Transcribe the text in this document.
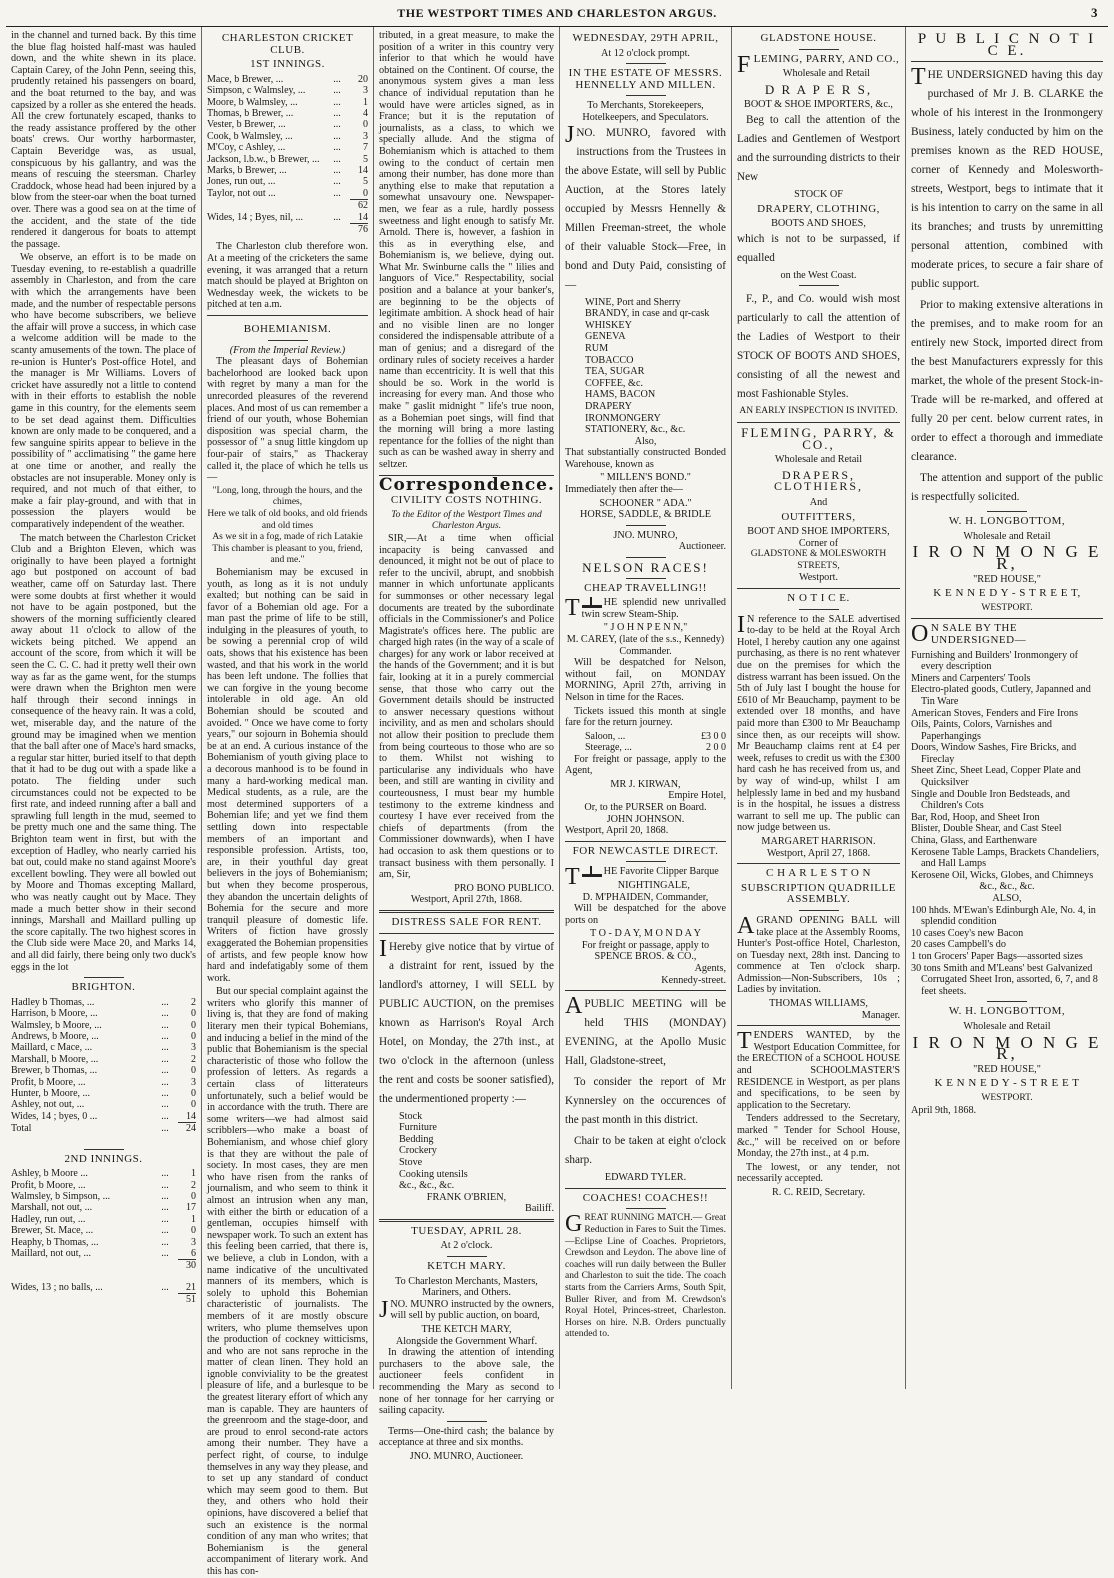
THE WESTPORT TIMES AND CHARLESTON ARGUS.	3

in the channel and turned back. By this time the blue flag hoisted half-mast was hauled down, and the white shewn in its place. Captain Carey, of the John Penn, seeing this, prudently retained his passengers on board, and the boat returned to the bay, and was capsized by a roller as she entered the heads. All the crew fortunately escaped, thanks to the ready assistance proffered by the other boats' crews. Our worthy harbormaster, Captain Beveridge was, as usual, conspicuous by his gallantry, and was the means of rescuing the steersman. Charley Craddock, whose head had been injured by a blow from the steer-oar when the boat turned over. There was a good sea on at the time of the accident, and the state of the tide rendered it dangerous for boats to attempt the passage.

We observe, an effort is to be made on Tuesday evening, to re-establish a quadrille assembly in Charleston, and from the care with which the arrangements have been made, and the number of respectable persons who have become subscribers, we believe the affair will prove a success, in which case a welcome addition will be made to the scanty amusements of the town. The place of re-union is Hunter's Post-office Hotel, and the manager is Mr Williams. Lovers of cricket have assuredly not a little to contend with in their efforts to establish the noble game in this country, for the elements seem to be set dead against them. Difficulties known are only made to be conquered, and a few sanguine spirits appear to believe in the possibility of " acclimatising " the game here at one time or another, and really the obstacles are not insuperable. Money only is required, and not much of that either, to make a fair play-ground, and with that in possession the players would be comparatively independent of the weather.

The match between the Charleston Cricket Club and a Brighton Eleven, which was originally to have been played a fortnight ago but postponed on account of bad weather, came off on Saturday last. There were some doubts at first whether it would not have to be again postponed, but the showers of the morning sufficiently cleared away about 11 o'clock to allow of the wickets being pitched. We append an account of the score, from which it will be seen the C. C. C. had it pretty well their own way as far as the game went, for the stumps were drawn when the Brighton men were half through their second innings in consequence of the heavy rain. It was a cold, wet, miserable day, and the nature of the ground may be imagined when we mention that the ball after one of Mace's hard smacks, a regular star hitter, buried itself to that depth that it had to be dug out with a spade like a potato. The fielding under such circumstances could not be expected to be first rate, and indeed running after a ball and sprawling full length in the mud, seemed to be pretty much one and the same thing. The Brighton team went in first, but with the exception of Hadley, who nearly carried his bat out, could make no stand against Moore's excellent bowling. They were all bowled out by Moore and Thomas excepting Mallard, who was neatly caught out by Mace. They made a much better show in their second innings, Marshall and Maillard pulling up the score capitally. The two highest scores in the Club side were Mace 20, and Marks 14, and all did fairly, there being only two duck's eggs in the lot

BRIGHTON.
Hadley b Thomas, ...	...	2
Harrison, b Moore, ...	...	0
Walmsley, b Moore, ...	...	0
Andrews, b Moore, ...	...	0
Maillard, c Mace, ...	...	3
Marshall, b Moore, ...	...	2
Brewer, b Thomas, ...	...	0
Profit, b Moore, ...	...	3
Hunter, b Moore, ...	...	0
Ashley, not out, ...	...	0
Wides, 14 ; byes, 0 ...	...	14
Total	...	24
2ND INNINGS.
Ashley, b Moore ...	...	1
Profit, b Moore, ...	...	2
Walmsley, b Simpson, ...	...	0
Marshall, not out, ...	...	17
Hadley, run out, ...	...	1
Brewer, St. Mace, ...	...	0
Heaphy, b Thomas, ...	...	3
Maillard, not out, ...	...	6
		30
Wides, 13 ; no balls, ...	...	21
		51
CHARLESTON CRICKET CLUB.
1ST INNINGS.
Mace, b Brewer, ...	...	20
Simpson, c Walmsley, ...	...	3
Moore, b Walmsley, ...	...	1
Thomas, b Brewer, ...	...	4
Vester, b Brewer, ...	...	0
Cook, b Walmsley, ...	...	3
M'Coy, c Ashley, ...	...	7
Jackson, l.b.w., b Brewer, ...	...	5
Marks, b Brewer, ...	...	14
Jones, run out, ...	...	5
Taylor, not out ...	...	0
		62
Wides, 14 ; Byes, nil, ...	...	14
		76

The Charleston club therefore won. At a meeting of the cricketers the same evening, it was arranged that a return match should be played at Brighton on Wednesday week, the wickets to be pitched at ten a.m.

BOHEMIANISM.
(From the Imperial Review.)

The pleasant days of Bohemian bachelorhood are looked back upon with regret by many a man for the unrecorded pleasures of the reverend places. And most of us can remember a friend of our youth, whose Bohemian disposition was special charm, the possessor of " a snug little kingdom up four-pair of stairs," as Thackeray called it, the place of which he tells us—

"Long, long, through the hours, and the chimes,
Here we talk of old books, and old friends and old times
As we sit in a fog, made of rich Latakie This chamber is pleasant to you, friend, and me."

Bohemianism may be excused in youth, as long as it is not unduly exalted; but nothing can be said in favor of a Bohemian old age. For a man past the prime of life to be still, indulging in the pleasures of youth, to be sowing a perennial crop of wild oats, shows that his existence has been wasted, and that his work in the world has been left undone. The follies that we can forgive in the young become intolerable in old age. An old Bohemian should be scouted and avoided. " Once we have come to forty years," our sojourn in Bohemia should be at an end. A curious instance of the Bohemianism of youth giving place to a decorous manhood is to be found in many a hard-working medical man. Medical students, as a rule, are the most determined supporters of a Bohemian life; and yet we find them settling down into respectable members of an important and responsible profession. Artists, too, are, in their youthful day great believers in the joys of Bohemianism; but when they become prosperous, they abandon the uncertain delights of Bohemia for the secure and more tranquil pleasure of domestic life. Writers of fiction have grossly exaggerated the Bohemian propensities of artists, and few people know how hard and indefatigably some of them work.

But our special complaint against the writers who glorify this manner of living is, that they are fond of making literary men their typical Bohemians, and inducing a belief in the mind of the public that Bohemianism is the special characteristic of those who follow the profession of letters. As regards a certain class of litterateurs unfortunately, such a belief would be in accordance with the truth. There are some writers—we had almost said scribblers—who make a boast of Bohemianism, and whose chief glory is that they are without the pale of society. In most cases, they are men who have risen from the ranks of journalism, and who seem to think it almost an intrusion when any man, with either the birth or education of a gentleman, occupies himself with newspaper work. To such an extent has this feeling been carried, that there is, we believe, a club in London, with a name indicative of the uncultivated manners of its members, which is solely to uphold this Bohemian characteristic of journalists. The members of it are mostly obscure writers, who plume themselves upon the production of cockney witticisms, and who are not sans reproche in the matter of clean linen. They hold an ignoble conviviality to be the greatest pleasure of life, and a burlesque to be the greatest literary effort of which any man is capable. They are haunters of the greenroom and the stage-door, and are proud to enrol second-rate actors among their number. They have a perfect right, of course, to indulge themselves in any way they please, and to set up any standard of conduct which may seem good to them. But they, and others who hold their opinions, have discovered a belief that such an existence is the normal condition of any man who writes; that Bohemianism is the general accompaniment of literary work. And this has con-

tributed, in a great measure, to make the position of a writer in this country very inferior to that which he would have obtained on the Continent. Of course, the anonymous system gives a man less chance of individual reputation than he would have were articles signed, as in France; but it is the reputation of journalists, as a class, to which we specially allude. And the stigma of Bohemianism which is attached to them owing to the conduct of certain men among their number, has done more than anything else to make that reputation a somewhat unsavoury one. Newspaper-men, we fear as a rule, hardly possess sweetness and light enough to satisfy Mr. Arnold. There is, however, a fashion in this as in everything else, and Bohemianism is, we believe, dying out. What Mr. Swinburne calls the " lilies and languors of Vice." Respectability, social position and a balance at your banker's, are beginning to be the objects of legitimate ambition. A shock head of hair and no visible linen are no longer considered the indispensable attribute of a man of genius; and a disregard of the ordinary rules of society receives a harder name than eccentricity. It is well that this should be so. Work in the world is increasing for every man. And those who make " gaslit midnight " life's true noon, as a Bohemian poet sings, will find that the morning will bring a more lasting repentance for the follies of the night than such as can be washed away in sherry and seltzer.

Correspondence.
CIVILITY COSTS NOTHING.
To the Editor of the Westport Times and Charleston Argus.

SIR,—At a time when official incapacity is being canvassed and denounced, it might not be out of place to refer to the uncivil, abrupt, and snobbish manner in which unfortunate applicants for summonses or other necessary legal documents are treated by the subordinate officials in the Commissioner's and Police Magistrate's offices here. The public are charged high rates (in the way of a scale of charges) for any work or labor received at the hands of the Government; and it is but fair, looking at it in a purely commercial sense, that those who carry out the Government details should be instructed to answer necessary questions without incivility, and as men and scholars should not allow their position to preclude them from being courteous to those who are so to them. Whilst not wishing to particularise any individuals who have been, and still are wanting in civility and courteousness, I must bear my humble testimony to the extreme kindness and courtesy I have ever received from the chiefs of departments (from the Commissioner downwards), when I have had occasion to ask them questions or to transact business with them personally. I am, Sir,

PRO BONO PUBLICO.
Westport, April 27th, 1868.
DISTRESS SALE FOR RENT.

I Hereby give notice that by virtue of a distraint for rent, issued by the landlord's attorney, I will SELL by PUBLIC AUCTION, on the premises known as Harrison's Royal Arch Hotel, on Monday, the 27th inst., at two o'clock in the afternoon (unless the rent and costs be sooner satisfied), the undermentioned property :—

Stock
Furniture
Bedding
Crockery
Stove
Cooking utensils
&c., &c., &c.
FRANK O'BRIEN,
Bailiff.
TUESDAY, APRIL 28.
At 2 o'clock.
KETCH MARY.
To Charleston Merchants, Masters, Mariners, and Others.

JNO. MUNRO instructed by the owners, will sell by public auction, on board,

THE KETCH MARY,
Alongside the Government Wharf.

In drawing the attention of intending purchasers to the above sale, the auctioneer feels confident in recommending the Mary as second to none of her tonnage for her carrying or sailing capacity.

Terms—One-third cash; the balance by acceptance at three and six months.

JNO. MUNRO, Auctioneer.
WEDNESDAY, 29TH APRIL,
At 12 o'clock prompt.
IN THE ESTATE OF MESSRS. HENNELLY AND MILLEN.
To Merchants, Storekeepers, Hotelkeepers, and Speculators.

JNO. MUNRO, favored with instructions from the Trustees in the above Estate, will sell by Public Auction, at the Stores lately occupied by Messrs Hennelly & Millen Freeman-street, the whole of their valuable Stock—Free, in bond and Duty Paid, consisting of—

WINE, Port and Sherry
BRANDY, in case and qr-cask
WHISKEY
GENEVA
RUM
TOBACCO
TEA, SUGAR
COFFEE, &c.
HAMS, BACON
DRAPERY
IRONMONGERY
STATIONERY, &c., &c.
Also,

That substantially constructed Bonded Warehouse, known as

" MILLEN'S BOND."

Immediately then after the—

SCHOONER " ADA."
HORSE, SADDLE, & BRIDLE
JNO. MUNRO,
Auctioneer.
NELSON RACES!
CHEAP TRAVELLING!!

T HE splendid new unrivalled twin screw Steam-Ship.

" J O H N P E N N,"
M. CAREY, (late of the s.s., Kennedy) Commander.

Will be despatched for Nelson, without fail, on MONDAY MORNING, April 27th, arriving in Nelson in time for the Races.

Tickets issued this month at single fare for the return journey.

Saloon, ...	£3 0 0
Steerage, ...	2 0 0

For freight or passage, apply to the Agent,

MR J. KIRWAN,
Empire Hotel,
Or, to the PURSER on Board.
JOHN JOHNSON.

Westport, April 20, 1868.

FOR NEWCASTLE DIRECT.

T HE Favorite Clipper Barque

NIGHTINGALE,
D. M'PHAIDEN, Commander,

Will be despatched for the above ports on

T O - D A Y, M O N D A Y
For freight or passage, apply to
SPENCE BROS. & CO.,
Agents,
Kennedy-street.

APUBLIC MEETING will be held THIS (MONDAY) EVENING, at the Apollo Music Hall, Gladstone-street,

To consider the report of Mr Kynnersley on the occurences of the past month in this district.

Chair to be taken at eight o'clock sharp.

EDWARD TYLER.
COACHES! COACHES!!

GREAT RUNNING MATCH.— Great Reduction in Fares to Suit the Times.—Eclipse Line of Coaches. Proprietors, Crewdson and Leydon. The above line of coaches will run daily between the Buller and Charleston to suit the tide. The coach starts from the Carriers Arms, South Spit, Buller River, and from M. Crewdson's Royal Hotel, Princes-street, Charleston. Horses on hire. N.B. Orders punctually attended to.

GLADSTONE HOUSE.
FLEMING, PARRY, AND CO.,
Wholesale and Retail
D R A P E R S,
BOOT & SHOE IMPORTERS, &c.,

Beg to call the attention of the Ladies and Gentlemen of Westport and the surrounding districts to their New

STOCK OF
DRAPERY, CLOTHING,
BOOTS AND SHOES,

which is not to be surpassed, if equalled

on the West Coast.

F., P., and Co. would wish most particularly to call the attention of the Ladies of Westport to their STOCK OF BOOTS AND SHOES, consisting of all the newest and most Fashionable Styles.

AN EARLY INSPECTION IS INVITED.
FLEMING, PARRY, & CO.,
Wholesale and Retail
DRAPERS, CLOTHIERS,
And
OUTFITTERS,
BOOT AND SHOE IMPORTERS,
Corner of
GLADSTONE & MOLESWORTH STREETS,
Westport.
N O T I C E.

I N reference to the SALE advertised to-day to be held at the Royal Arch Hotel, I hereby caution any one against purchasing, as there is no rent whatever due on the premises for which the distress warrant has been issued. On the 5th of July last I bought the house for £610 of Mr Beauchamp, payment to be extended over 18 months, and have paid more than £300 to Mr Beauchamp since then, as our receipts will show. Mr Beauchamp claims rent at £4 per week, refuses to credit us with the £300 hard cash he has received from us, and by way of wind-up, whilst I am helplessly lame in bed and my husband is in the hospital, he issues a distress warrant to sell me up. The public can now judge between us.

MARGARET HARRISON.
Westport, April 27, 1868.
C H A R L E S T O N
SUBSCRIPTION QUADRILLE ASSEMBLY.

AGRAND OPENING BALL will take place at the Assembly Rooms, Hunter's Post-office Hotel, Charleston, on Tuesday next, 28th inst. Dancing to commence at Ten o'clock sharp. Admission—Non-Subscribers, 10s ; Ladies by invitation.

THOMAS WILLIAMS,
Manager.

TENDERS WANTED, by the Westport Education Committee, for the ERECTION of a SCHOOL HOUSE and SCHOOLMASTER'S RESIDENCE in Westport, as per plans and specifications, to be seen by application to the Secretary.

Tenders addressed to the Secretary, marked " Tender for School House, &c.," will be received on or before Monday, the 27th inst., at 4 p.m.

The lowest, or any tender, not necessarily accepted.

R. C. REID, Secretary.
P U B L I C N O T I C E.

THE UNDERSIGNED having this day purchased of Mr J. B. CLARKE the whole of his interest in the Ironmongery Business, lately conducted by him on the premises known as the RED HOUSE, corner of Kennedy and Molesworth-streets, Westport, begs to intimate that it is his intention to carry on the same in all its branches; and trusts by unremitting personal attention, combined with moderate prices, to secure a fair share of public support.

Prior to making extensive alterations in the premises, and to make room for an entirely new Stock, imported direct from the best Manufacturers expressly for this market, the whole of the present Stock-in-Trade will be re-marked, and offered at fully 20 per cent. below current rates, in order to effect a thorough and immediate clearance.

The attention and support of the public is respectfully solicited.

W. H. LONGBOTTOM,
Wholesale and Retail
I R O N M O N G E R,
"RED HOUSE,"
K E N N E D Y - S T R E E T,
WESTPORT.
O N SALE BY THE UNDERSIGNED—
Furnishing and Builders' Ironmongery of every description
Miners and Carpenters' Tools
Electro-plated goods, Cutlery, Japanned and Tin Ware
American Stoves, Fenders and Fire Irons
Oils, Paints, Colors, Varnishes and Paperhangings
Doors, Window Sashes, Fire Bricks, and Fireclay
Sheet Zinc, Sheet Lead, Copper Plate and Quicksilver
Single and Double Iron Bedsteads, and Children's Cots
Bar, Rod, Hoop, and Sheet Iron
Blister, Double Shear, and Cast Steel
China, Glass, and Earthenware
Kerosene Table Lamps, Brackets Chandeliers, and Hall Lamps
Kerosene Oil, Wicks, Globes, and Chimneys
&c., &c., &c.
ALSO,
100 hhds. M'Ewan's Edinburgh Ale, No. 4, in splendid condition
10 cases Coey's new Bacon
20 cases Campbell's do
1 ton Grocers' Paper Bags—assorted sizes
30 tons Smith and M'Leans' best Galvanized Corrugated Sheet Iron, assorted, 6, 7, and 8 feet sheets.
W. H. LONGBOTTOM,
Wholesale and Retail
I R O N M O N G E R,
"RED HOUSE,"
K E N N E D Y - S T R E E T
WESTPORT.
April 9th, 1868.
